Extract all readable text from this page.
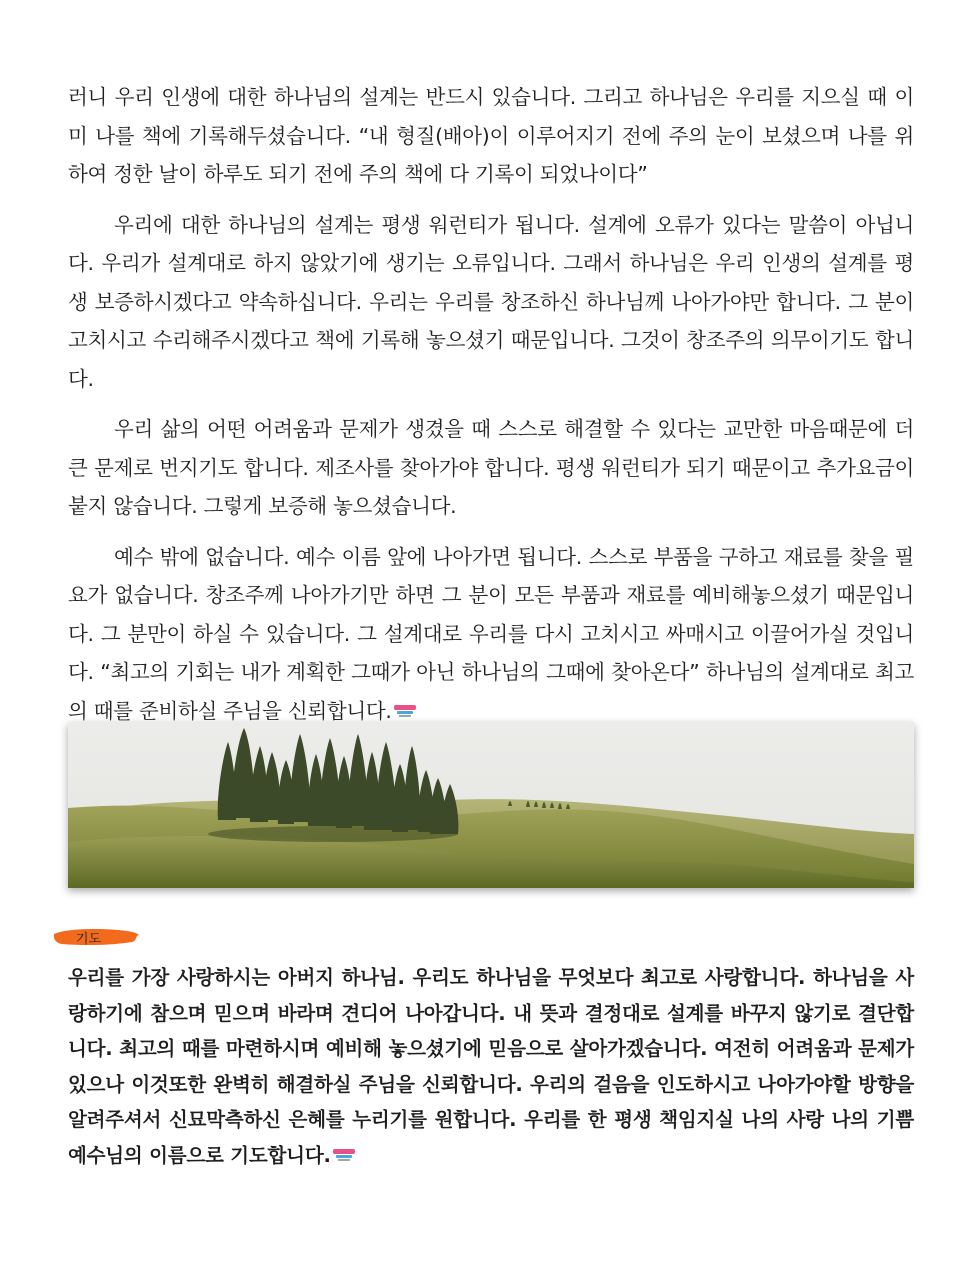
러니 우리 인생에 대한 하나님의 설계는 반드시 있습니다. 그리고 하나님은 우리를 지으실 때 이미 나를 책에 기록해두셨습니다. “내 형질(배아)이 이루어지기 전에 주의 눈이 보셨으며 나를 위하여 정한 날이 하루도 되기 전에 주의 책에 다 기록이 되었나이다”

우리에 대한 하나님의 설계는 평생 워런티가 됩니다. 설계에 오류가 있다는 말씀이 아닙니다. 우리가 설계대로 하지 않았기에 생기는 오류입니다. 그래서 하나님은 우리 인생의 설계를 평생 보증하시겠다고 약속하십니다. 우리는 우리를 창조하신 하나님께 나아가야만 합니다. 그 분이 고치시고 수리해주시겠다고 책에 기록해 놓으셨기 때문입니다. 그것이 창조주의 의무이기도 합니다.

우리 삶의 어떤 어려움과 문제가 생겼을 때 스스로 해결할 수 있다는 교만한 마음때문에 더 큰 문제로 번지기도 합니다. 제조사를 찾아가야 합니다. 평생 워런티가 되기 때문이고 추가요금이 붙지 않습니다. 그렇게 보증해 놓으셨습니다.

예수 밖에 없습니다. 예수 이름 앞에 나아가면 됩니다. 스스로 부품을 구하고 재료를 찾을 필요가 없습니다. 창조주께 나아가기만 하면 그 분이 모든 부품과 재료를 예비해놓으셨기 때문입니다. 그 분만이 하실 수 있습니다. 그 설계대로 우리를 다시 고치시고 싸매시고 이끌어가실 것입니다. “최고의 기회는 내가 계획한 그때가 아닌 하나님의 그때에 찾아온다” 하나님의 설계대로 최고의 때를 준비하실 주님을 신뢰합니다.

기도

우리를 가장 사랑하시는 아버지 하나님. 우리도 하나님을 무엇보다 최고로 사랑합니다. 하나님을 사랑하기에 참으며 믿으며 바라며 견디어 나아갑니다. 내 뜻과 결정대로 설계를 바꾸지 않기로 결단합니다. 최고의 때를 마련하시며 예비해 놓으셨기에 믿음으로 살아가겠습니다. 여전히 어려움과 문제가 있으나 이것또한 완벽히 해결하실 주님을 신뢰합니다. 우리의 걸음을 인도하시고 나아가야할 방향을 알려주셔서 신묘막측하신 은혜를 누리기를 원합니다. 우리를 한 평생 책임지실 나의 사랑 나의 기쁨 예수님의 이름으로 기도합니다.
